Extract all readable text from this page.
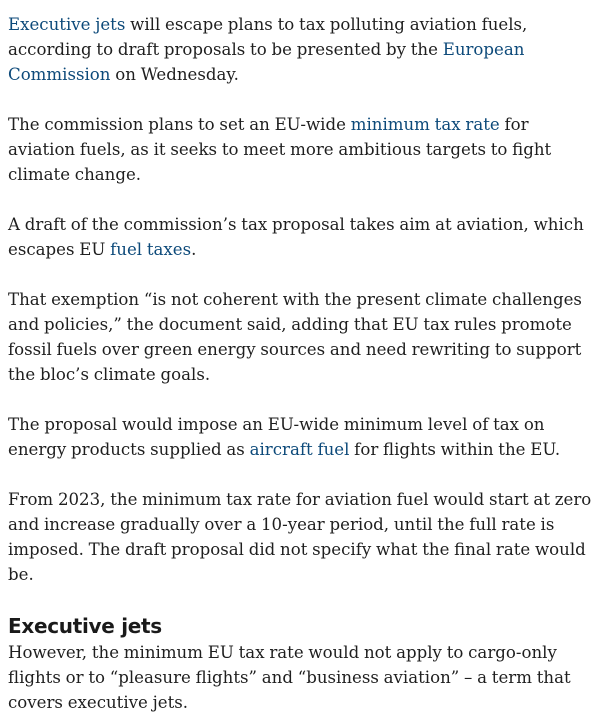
Executive jets will escape plans to tax polluting aviation fuels, according to draft proposals to be presented by the European Commission on Wednesday.

The commission plans to set an EU-wide minimum tax rate for aviation fuels, as it seeks to meet more ambitious targets to fight climate change.

A draft of the commission’s tax proposal takes aim at aviation, which escapes EU fuel taxes.

That exemption “is not coherent with the present climate challenges and policies,” the document said, adding that EU tax rules promote fossil fuels over green energy sources and need rewriting to support the bloc’s climate goals.

The proposal would impose an EU-wide minimum level of tax on energy products supplied as aircraft fuel for flights within the EU.

From 2023, the minimum tax rate for aviation fuel would start at zero and increase gradually over a 10-year period, until the full rate is imposed. The draft proposal did not specify what the final rate would be.

Executive jets

However, the minimum EU tax rate would not apply to cargo-only flights or to “pleasure flights” and “business aviation” – a term that covers executive jets.
